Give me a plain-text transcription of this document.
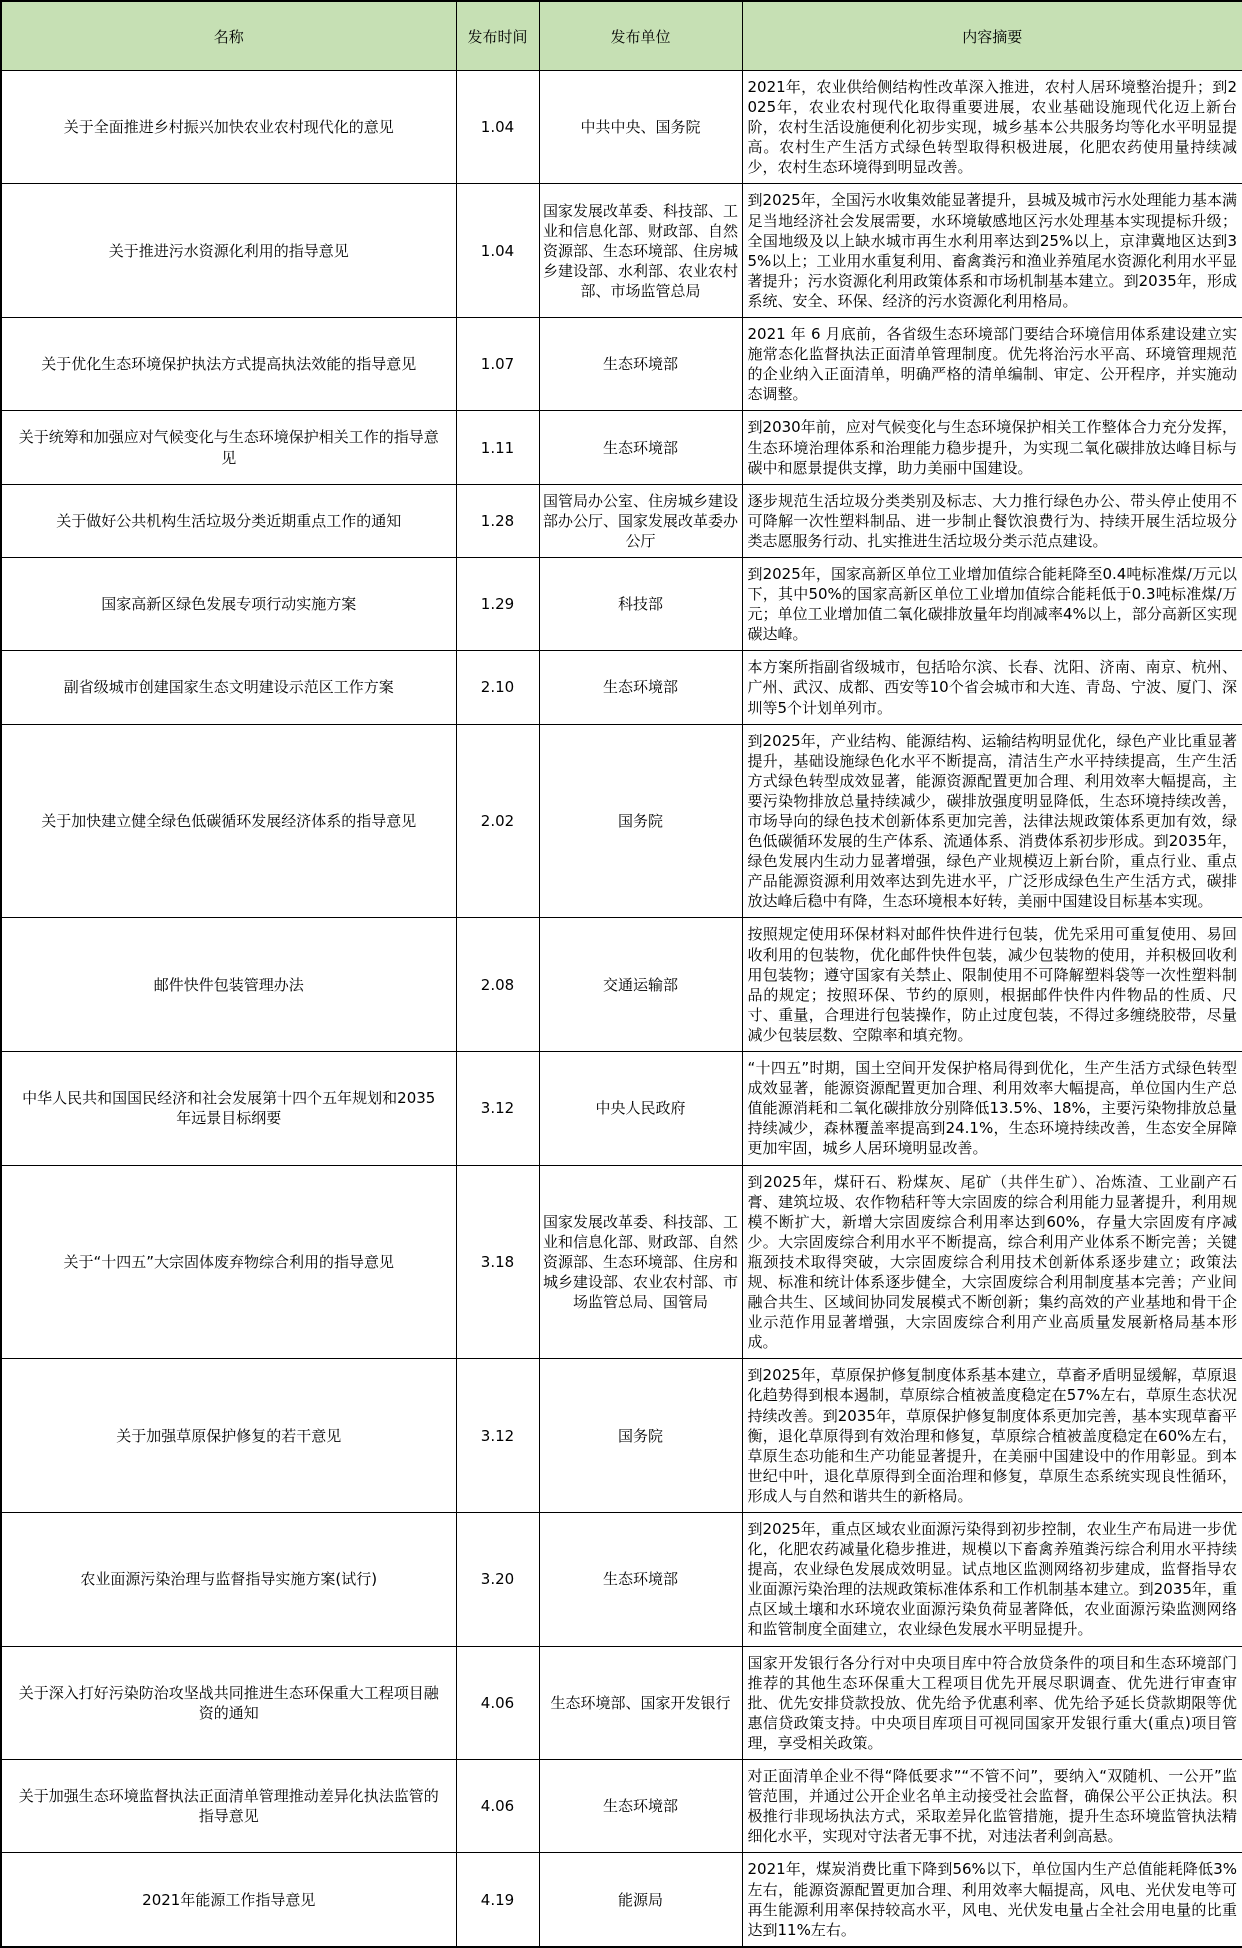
名称	发布时间	发布单位	内容摘要
关于全面推进乡村振兴加快农业农村现代化的意见	1.04	中共中央、国务院	2021年，农业供给侧结构性改革深入推进，农村人居环境整治提升；到2025年，农业农村现代化取得重要进展，农业基础设施现代化迈上新台阶，农村生活设施便利化初步实现，城乡基本公共服务均等化水平明显提高。农村生产生活方式绿色转型取得积极进展，化肥农药使用量持续减少，农村生态环境得到明显改善。
关于推进污水资源化利用的指导意见	1.04	国家发展改革委、科技部、工业和信息化部、财政部、自然资源部、生态环境部、住房城乡建设部、水利部、农业农村部、市场监管总局	到2025年，全国污水收集效能显著提升，县城及城市污水处理能力基本满足当地经济社会发展需要，水环境敏感地区污水处理基本实现提标升级；全国地级及以上缺水城市再生水利用率达到25%以上，京津冀地区达到35%以上；工业用水重复利用、畜禽粪污和渔业养殖尾水资源化利用水平显著提升；污水资源化利用政策体系和市场机制基本建立。到2035年，形成系统、安全、环保、经济的污水资源化利用格局。
关于优化生态环境保护执法方式提高执法效能的指导意见	1.07	生态环境部	2021 年 6 月底前，各省级生态环境部门要结合环境信用体系建设建立实施常态化监督执法正面清单管理制度。优先将治污水平高、环境管理规范的企业纳入正面清单，明确严格的清单编制、审定、公开程序，并实施动态调整。
关于统筹和加强应对气候变化与生态环境保护相关工作的指导意见	1.11	生态环境部	到2030年前，应对气候变化与生态环境保护相关工作整体合力充分发挥，生态环境治理体系和治理能力稳步提升，为实现二氧化碳排放达峰目标与碳中和愿景提供支撑，助力美丽中国建设。
关于做好公共机构生活垃圾分类近期重点工作的通知	1.28	国管局办公室、住房城乡建设部办公厅、国家发展改革委办公厅	逐步规范生活垃圾分类类别及标志、大力推行绿色办公、带头停止使用不可降解一次性塑料制品、进一步制止餐饮浪费行为、持续开展生活垃圾分类志愿服务行动、扎实推进生活垃圾分类示范点建设。
国家高新区绿色发展专项行动实施方案	1.29	科技部	到2025年，国家高新区单位工业增加值综合能耗降至0.4吨标准煤/万元以下，其中50%的国家高新区单位工业增加值综合能耗低于0.3吨标准煤/万元；单位工业增加值二氧化碳排放量年均削减率4%以上，部分高新区实现碳达峰。
副省级城市创建国家生态文明建设示范区工作方案	2.10	生态环境部	本方案所指副省级城市，包括哈尔滨、长春、沈阳、济南、南京、杭州、广州、武汉、成都、西安等10个省会城市和大连、青岛、宁波、厦门、深圳等5个计划单列市。
关于加快建立健全绿色低碳循环发展经济体系的指导意见	2.02	国务院	到2025年，产业结构、能源结构、运输结构明显优化，绿色产业比重显著提升，基础设施绿色化水平不断提高，清洁生产水平持续提高，生产生活方式绿色转型成效显著，能源资源配置更加合理、利用效率大幅提高，主要污染物排放总量持续减少，碳排放强度明显降低，生态环境持续改善，市场导向的绿色技术创新体系更加完善，法律法规政策体系更加有效，绿色低碳循环发展的生产体系、流通体系、消费体系初步形成。到2035年，绿色发展内生动力显著增强，绿色产业规模迈上新台阶，重点行业、重点产品能源资源利用效率达到先进水平，广泛形成绿色生产生活方式，碳排放达峰后稳中有降，生态环境根本好转，美丽中国建设目标基本实现。
邮件快件包装管理办法	2.08	交通运输部	按照规定使用环保材料对邮件快件进行包装，优先采用可重复使用、易回收利用的包装物，优化邮件快件包装，减少包装物的使用，并积极回收利用包装物；遵守国家有关禁止、限制使用不可降解塑料袋等一次性塑料制品的规定；按照环保、节约的原则，根据邮件快件内件物品的性质、尺寸、重量，合理进行包装操作，防止过度包装，不得过多缠绕胶带，尽量减少包装层数、空隙率和填充物。
中华人民共和国国民经济和社会发展第十四个五年规划和2035年远景目标纲要	3.12	中央人民政府	“十四五”时期，国土空间开发保护格局得到优化，生产生活方式绿色转型成效显著，能源资源配置更加合理、利用效率大幅提高，单位国内生产总值能源消耗和二氧化碳排放分别降低13.5%、18%，主要污染物排放总量持续减少，森林覆盖率提高到24.1%，生态环境持续改善，生态安全屏障更加牢固，城乡人居环境明显改善。
关于“十四五”大宗固体废弃物综合利用的指导意见	3.18	国家发展改革委、科技部、工业和信息化部、财政部、自然资源部、生态环境部、住房和城乡建设部、农业农村部、市场监管总局、国管局	到2025年，煤矸石、粉煤灰、尾矿（共伴生矿）、冶炼渣、工业副产石膏、建筑垃圾、农作物秸秆等大宗固废的综合利用能力显著提升，利用规模不断扩大，新增大宗固废综合利用率达到60%，存量大宗固废有序减少。大宗固废综合利用水平不断提高，综合利用产业体系不断完善；关键瓶颈技术取得突破，大宗固废综合利用技术创新体系逐步建立；政策法规、标准和统计体系逐步健全，大宗固废综合利用制度基本完善；产业间融合共生、区域间协同发展模式不断创新；集约高效的产业基地和骨干企业示范作用显著增强，大宗固废综合利用产业高质量发展新格局基本形成。
关于加强草原保护修复的若干意见	3.12	国务院	到2025年，草原保护修复制度体系基本建立，草畜矛盾明显缓解，草原退化趋势得到根本遏制，草原综合植被盖度稳定在57%左右，草原生态状况持续改善。到2035年，草原保护修复制度体系更加完善，基本实现草畜平衡，退化草原得到有效治理和修复，草原综合植被盖度稳定在60%左右，草原生态功能和生产功能显著提升，在美丽中国建设中的作用彰显。到本世纪中叶，退化草原得到全面治理和修复，草原生态系统实现良性循环，形成人与自然和谐共生的新格局。
农业面源污染治理与监督指导实施方案(试行)	3.20	生态环境部	到2025年，重点区域农业面源污染得到初步控制，农业生产布局进一步优化，化肥农药减量化稳步推进，规模以下畜禽养殖粪污综合利用水平持续提高，农业绿色发展成效明显。试点地区监测网络初步建成，监督指导农业面源污染治理的法规政策标准体系和工作机制基本建立。到2035年，重点区域土壤和水环境农业面源污染负荷显著降低，农业面源污染监测网络和监管制度全面建立，农业绿色发展水平明显提升。
关于深入打好污染防治攻坚战共同推进生态环保重大工程项目融资的通知	4.06	生态环境部、国家开发银行	国家开发银行各分行对中央项目库中符合放贷条件的项目和生态环境部门推荐的其他生态环保重大工程项目优先开展尽职调查、优先进行审查审批、优先安排贷款投放、优先给予优惠利率、优先给予延长贷款期限等优惠信贷政策支持。中央项目库项目可视同国家开发银行重大(重点)项目管理，享受相关政策。
关于加强生态环境监督执法正面清单管理推动差异化执法监管的指导意见	4.06	生态环境部	对正面清单企业不得“降低要求”“不管不问”，要纳入“双随机、一公开”监管范围，并通过公开企业名单主动接受社会监督，确保公平公正执法。积极推行非现场执法方式，采取差异化监管措施，提升生态环境监管执法精细化水平，实现对守法者无事不扰，对违法者利剑高悬。
2021年能源工作指导意见	4.19	能源局	2021年，煤炭消费比重下降到56%以下，单位国内生产总值能耗降低3%左右，能源资源配置更加合理、利用效率大幅提高，风电、光伏发电等可再生能源利用率保持较高水平，风电、光伏发电量占全社会用电量的比重达到11%左右。
